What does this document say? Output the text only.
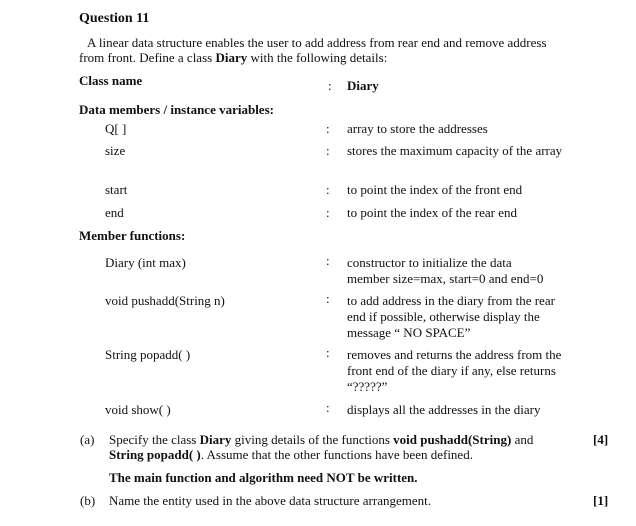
Question 11
A linear data structure enables the user to add address from rear end and remove address
from front. Define a class Diary with the following details:
Class name	: Diary
Data members / instance variables:
Q[ ]	: array to store the addresses
size	: stores the maximum capacity of the array
start	: to point the index of the front end
end	: to point the index of the rear end
Member functions:
Diary (int max)	: constructor to initialize the data member size=max, start=0 and end=0
void pushadd(String n)	: to add address in the diary from the rear end if possible, otherwise display the message “ NO SPACE”
String popadd( )	: removes and returns the address from the front end of the diary if any, else returns “?????”
void show( )	: displays all the addresses in the diary
(a) Specify the class Diary giving details of the functions void pushadd(String) and
String popadd( ). Assume that the other functions have been defined.
[4]
The main function and algorithm need NOT be written.
(b) Name the entity used in the above data structure arrangement.	[1]
